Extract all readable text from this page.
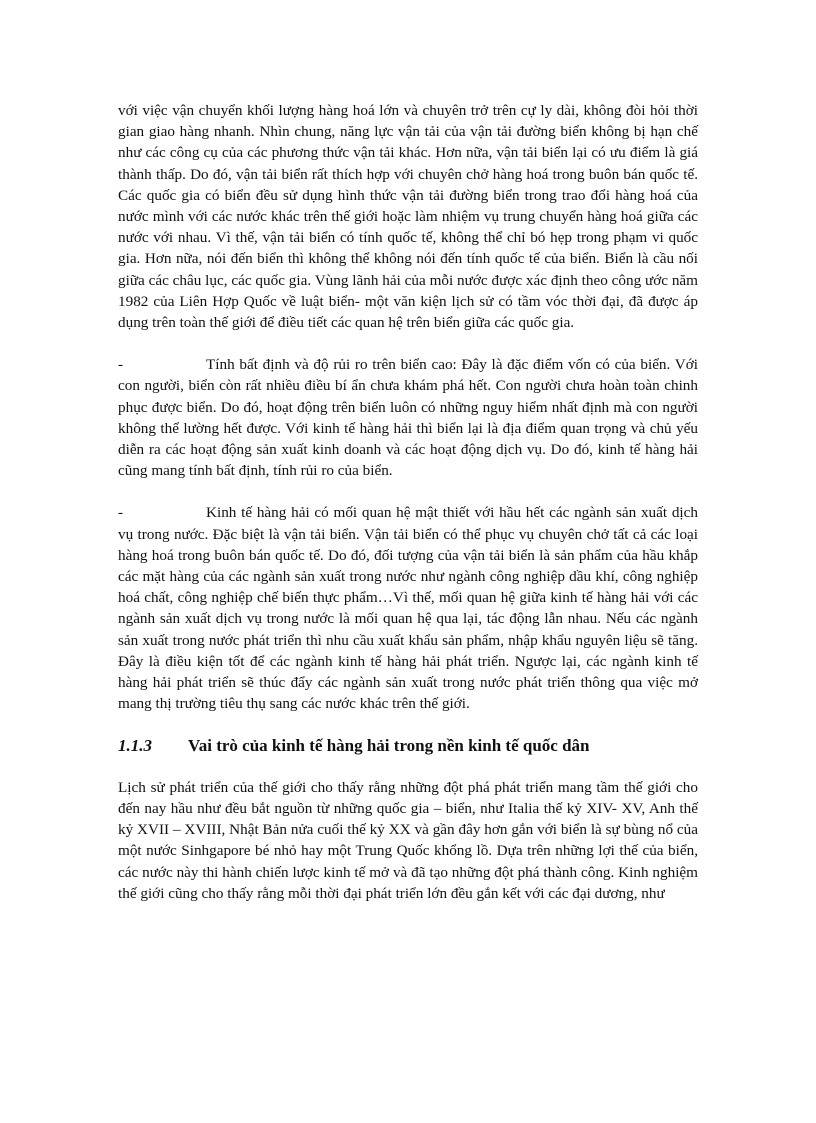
với việc vận chuyển khối lượng hàng hoá lớn và chuyên trở trên cự ly dài, không đòi hỏi thời gian giao hàng nhanh. Nhìn chung, năng lực vận tải của vận tải đường biển không bị hạn chế như các công cụ của các phương thức vận tải khác. Hơn nữa, vận tải biển lại có ưu điểm là giá thành thấp. Do đó, vận tải biển rất thích hợp với chuyên chở hàng hoá trong buôn bán quốc tế. Các quốc gia có biển đều sử dụng hình thức vận tải đường biển trong trao đổi hàng hoá của nước mình với các nước khác trên thế giới hoặc làm nhiệm vụ trung chuyển hàng hoá giữa các nước với nhau. Vì thế, vận tải biển có tính quốc tế, không thể chỉ bó hẹp trong phạm vi quốc gia. Hơn nữa, nói đến biển thì không thể không nói đến tính quốc tế của biển. Biển là cầu nối giữa các châu lục, các quốc gia. Vùng lãnh hải của mỗi nước được xác định theo công ước năm 1982 của Liên Hợp Quốc về luật biển- một văn kiện lịch sử có tầm vóc thời đại, đã được áp dụng trên toàn thế giới để điều tiết các quan hệ trên biển giữa các quốc gia.

-	Tính bất định và độ rủi ro trên biển cao: Đây là đặc điểm vốn có của biển. Với con người, biển còn rất nhiều điều bí ẩn chưa khám phá hết. Con người chưa hoàn toàn chinh phục được biển. Do đó, hoạt động trên biển luôn có những nguy hiểm nhất định mà con người không thể lường hết được. Với kinh tế hàng hải thì biển lại là địa điểm quan trọng và chủ yếu diễn ra các hoạt động sản xuất kinh doanh và các hoạt động dịch vụ. Do đó, kinh tế hàng hải cũng mang tính bất định, tính rủi ro của biển.

-	Kinh tế hàng hải có mối quan hệ mật thiết với hầu hết các ngành sản xuất dịch vụ trong nước. Đặc biệt là vận tải biển. Vận tải biển có thể phục vụ chuyên chở tất cả các loại hàng hoá trong buôn bán quốc tế. Do đó, đối tượng của vận tải biển là sản phẩm của hầu khắp các mặt hàng của các ngành sản xuất trong nước như ngành công nghiệp dầu khí, công nghiệp hoá chất, công nghiệp chế biến thực phẩm…Vì thế, mối quan hệ giữa kinh tế hàng hải với các ngành sản xuất dịch vụ trong nước là mối quan hệ qua lại, tác động lẫn nhau. Nếu các ngành sản xuất trong nước phát triển thì nhu cầu xuất khẩu sản phẩm, nhập khẩu nguyên liệu sẽ tăng. Đây là điều kiện tốt để các ngành kinh tế hàng hải phát triển. Ngược lại, các ngành kinh tế hàng hải phát triển sẽ thúc đẩy các ngành sản xuất trong nước phát triển thông qua việc mở mang thị trường tiêu thụ sang các nước khác trên thế giới.

1.1.3 Vai trò của kinh tế hàng hải trong nền kinh tế quốc dân

Lịch sử phát triển của thế giới cho thấy rằng những đột phá phát triển mang tầm thế giới cho đến nay hầu như đều bắt nguồn từ những quốc gia – biển, như Italia thế kỷ XIV- XV, Anh thế kỷ XVII – XVIII, Nhật Bản nửa cuối thế kỷ XX và gần đây hơn gắn với biển là sự bùng nổ của một nước Sinhgapore bé nhỏ hay một Trung Quốc khổng lồ. Dựa trên những lợi thế của biển, các nước này thi hành chiến lược kinh tế mở và đã tạo những đột phá thành công. Kinh nghiệm thế giới cũng cho thấy rằng mỗi thời đại phát triển lớn đều gắn kết với các đại dương, như
